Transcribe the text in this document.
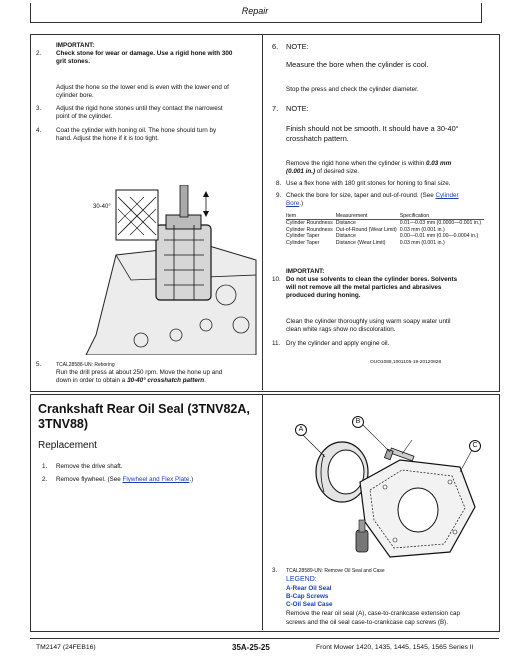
Repair
IMPORTANT:
2. Check stone for wear or damage. Use a rigid hone with 300
grit stones.
Adjust the hone so the lower end is even with the lower end of
cylinder bore.
3. Adjust the rigid hone stones until they contact the narrowest
point of the cylinder.
4. Coat the cylinder with honing oil. The hone should turn by
hand. Adjust the hone if it is too tight.
30-40°
5.	TCAL28588-UN: Reboring
Run the drill press at about 250 rpm. Move the hone up and
down in order to obtain a 30-40° crosshatch pattern.
6. NOTE:
Measure the bore when the cylinder is cool.
Stop the press and check the cylinder diameter.
7. NOTE:
Finish should not be smooth. It should have a 30-40°
crosshatch pattern.
Remove the rigid hone when the cylinder is within 0.03 mm
(0.001 in.) of desired size.
8. Use a flex hone with 180 grit stones for honing to final size.
9. Check the bore for size, taper and out-of-round. (See Cylinder
Bore.)
Item	Measurement	Specification
Cylinder Roundness	Distance	0.01—0.03 mm (0.0000—0.001 in.)
Cylinder Roundness	Out-of-Round (Wear Limit)	0.03 mm (0.001 in.)
Cylinder Taper	Distance	0.00—0.01 mm (0.00—0.0004 in.)
Cylinder Taper	Distance (Wear Limit)	0.03 mm (0.001 in.)
IMPORTANT:
10. Do not use solvents to clean the cylinder bores. Solvents
will not remove all the metal particles and abrasives
produced during honing.
Clean the cylinder thoroughly using warm soapy water until
clean white rags show no discoloration.
11. Dry the cylinder and apply engine oil.
OUO1088,1001105-19-20120828
Crankshaft Rear Oil Seal (3TNV82A,
3TNV88)
Replacement
1. Remove the drive shaft.
2. Remove flywheel. (See Flywheel and Flex Plate.)
A
B
C
3. TCAL28589-UN: Remove Oil Seal and Case
LEGEND:
A-Rear Oil Seal
B-Cap Screws
C-Oil Seal Case
Remove the rear oil seal (A), case-to-crankcase extension cap
screws and the oil seal case-to-crankcase cap screws (B).
TM2147 (24FEB16)	35A-25-25	Front Mower 1420, 1435, 1445, 1545, 1565 Series II
